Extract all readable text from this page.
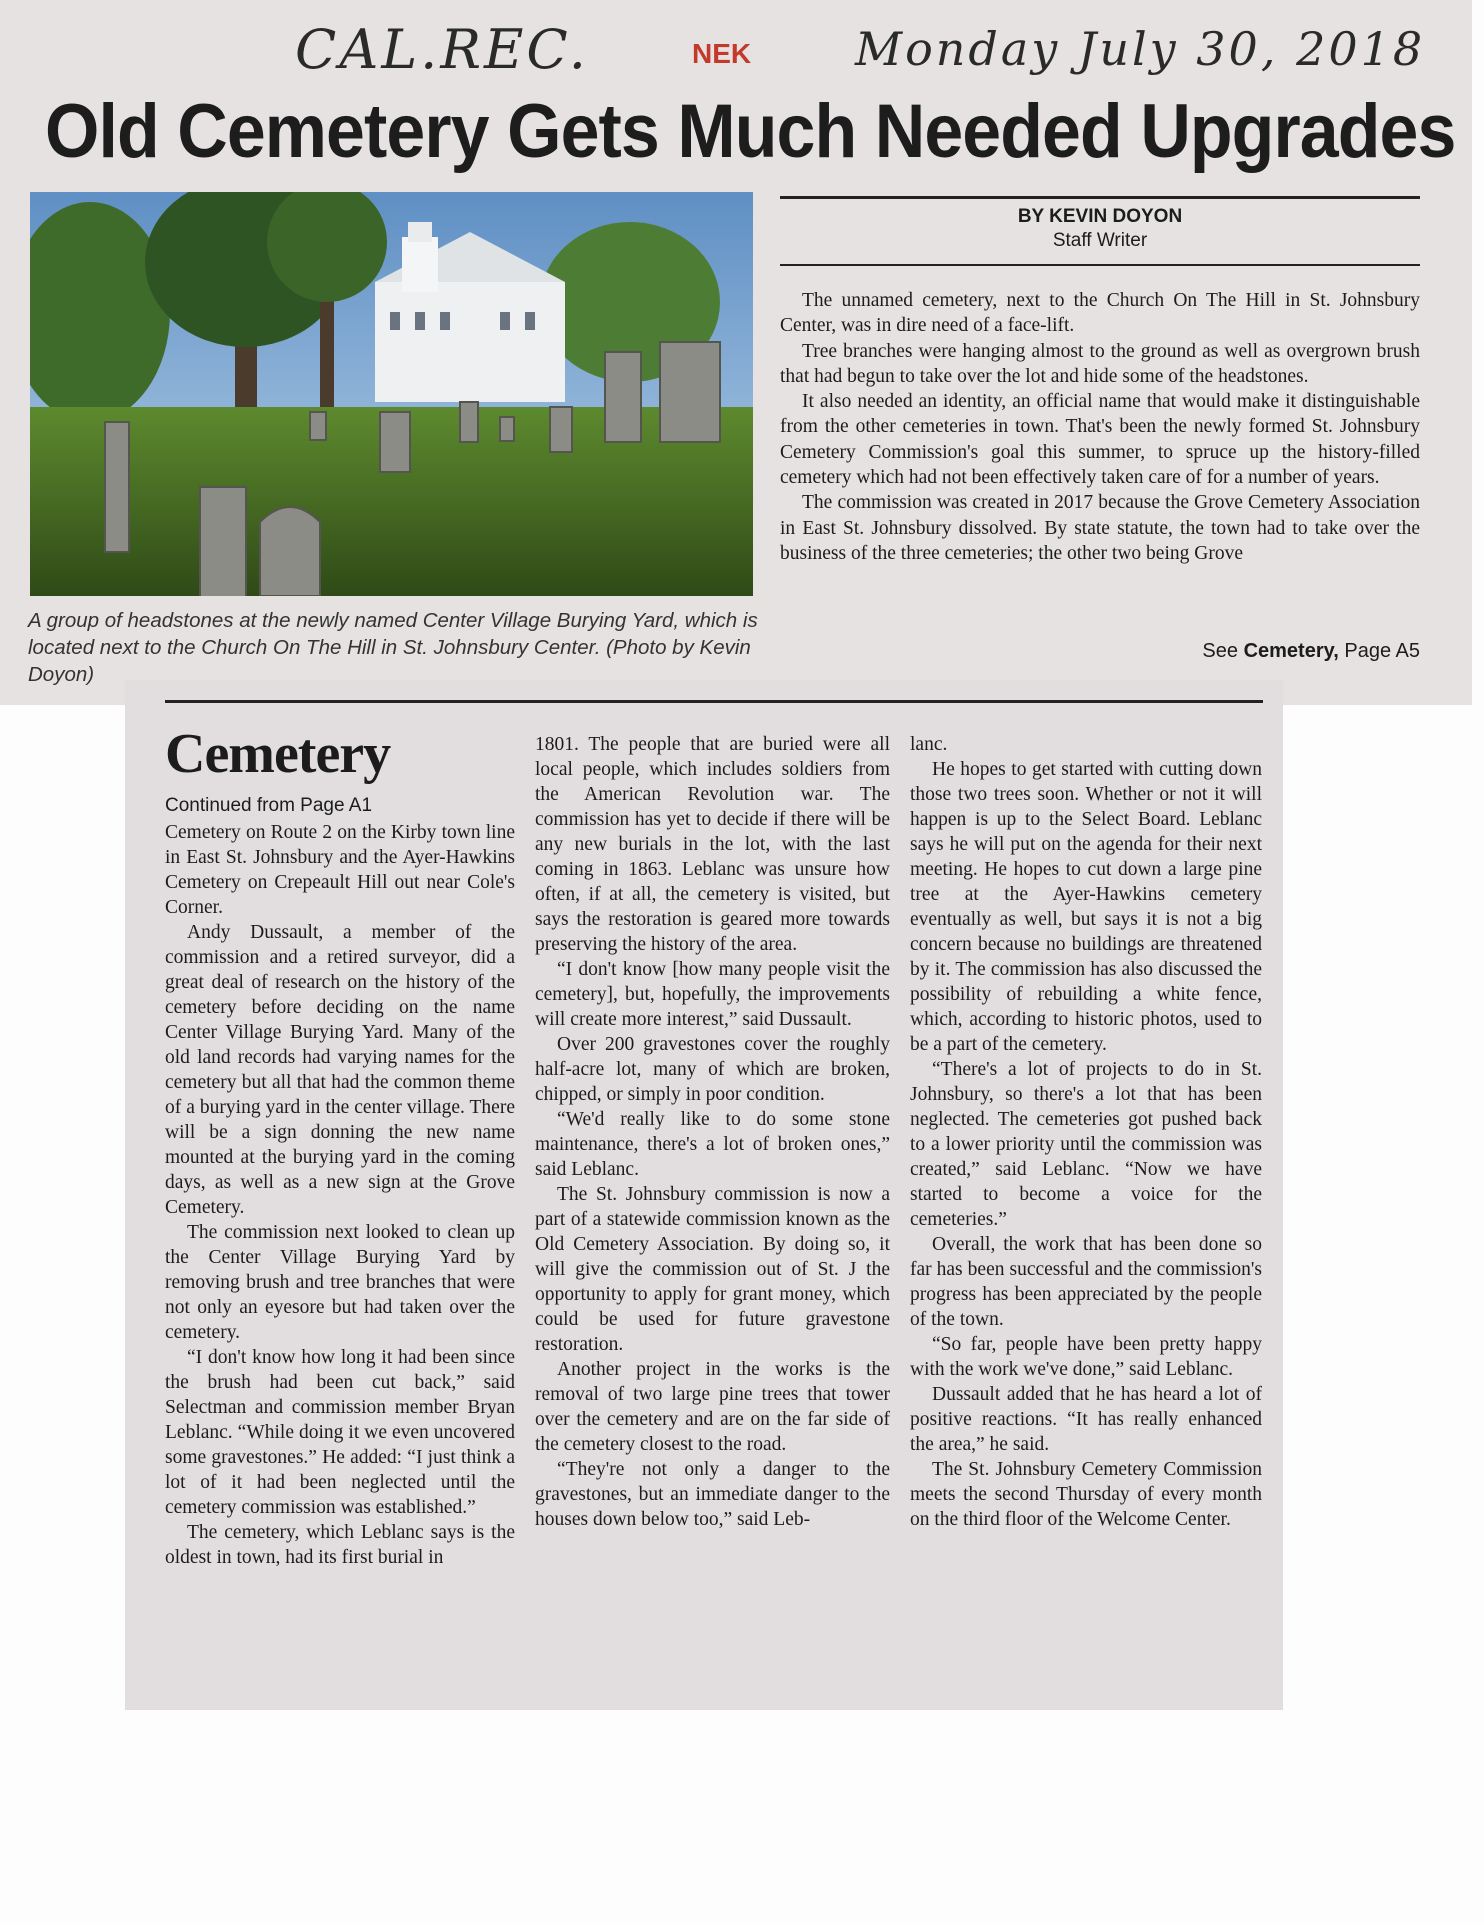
CAL.REC.	NEK Monday July 30, 2018
Old Cemetery Gets Much Needed Upgrades
A group of headstones at the newly named Center Village Burying Yard, which is located next to the Church On The Hill in St. Johnsbury Center. (Photo by Kevin Doyon)
BY KEVIN DOYON
Staff Writer

The unnamed cemetery, next to the Church On The Hill in St. Johnsbury Center, was in dire need of a face-lift.

Tree branches were hanging almost to the ground as well as overgrown brush that had begun to take over the lot and hide some of the headstones.

It also needed an identity, an official name that would make it distinguishable from the other cemeteries in town. That's been the newly formed St. Johnsbury Cemetery Commission's goal this summer, to spruce up the history-filled cemetery which had not been effectively taken care of for a number of years.

The commission was created in 2017 because the Grove Cemetery Association in East St. Johnsbury dissolved. By state statute, the town had to take over the business of the three cemeteries; the other two being Grove

See Cemetery, Page A5
Cemetery
Continued from Page A1

Cemetery on Route 2 on the Kirby town line in East St. Johnsbury and the Ayer-Hawkins Cemetery on Crepeault Hill out near Cole's Corner.

Andy Dussault, a member of the commission and a retired surveyor, did a great deal of research on the history of the cemetery before deciding on the name Center Village Burying Yard. Many of the old land records had varying names for the cemetery but all that had the common theme of a burying yard in the center village. There will be a sign donning the new name mounted at the burying yard in the coming days, as well as a new sign at the Grove Cemetery.

The commission next looked to clean up the Center Village Burying Yard by removing brush and tree branches that were not only an eyesore but had taken over the cemetery.

“I don't know how long it had been since the brush had been cut back,” said Selectman and commission member Bryan Leblanc. “While doing it we even uncovered some gravestones.” He added: “I just think a lot of it had been neglected until the cemetery commission was established.”

The cemetery, which Leblanc says is the oldest in town, had its first burial in

1801. The people that are buried were all local people, which includes soldiers from the American Revolution war. The commission has yet to decide if there will be any new burials in the lot, with the last coming in 1863. Leblanc was unsure how often, if at all, the cemetery is visited, but says the restoration is geared more towards preserving the history of the area.

“I don't know [how many people visit the cemetery], but, hopefully, the improvements will create more interest,” said Dussault.

Over 200 gravestones cover the roughly half-acre lot, many of which are broken, chipped, or simply in poor condition.

“We'd really like to do some stone maintenance, there's a lot of broken ones,” said Leblanc.

The St. Johnsbury commission is now a part of a statewide commission known as the Old Cemetery Association. By doing so, it will give the commission out of St. J the opportunity to apply for grant money, which could be used for future gravestone restoration.

Another project in the works is the removal of two large pine trees that tower over the cemetery and are on the far side of the cemetery closest to the road.

“They're not only a danger to the gravestones, but an immediate danger to the houses down below too,” said Leb-

lanc.

He hopes to get started with cutting down those two trees soon. Whether or not it will happen is up to the Select Board. Leblanc says he will put on the agenda for their next meeting. He hopes to cut down a large pine tree at the Ayer-Hawkins cemetery eventually as well, but says it is not a big concern because no buildings are threatened by it. The commission has also discussed the possibility of rebuilding a white fence, which, according to historic photos, used to be a part of the cemetery.

“There's a lot of projects to do in St. Johnsbury, so there's a lot that has been neglected. The cemeteries got pushed back to a lower priority until the commission was created,” said Leblanc. “Now we have started to become a voice for the cemeteries.”

Overall, the work that has been done so far has been successful and the commission's progress has been appreciated by the people of the town.

“So far, people have been pretty happy with the work we've done,” said Leblanc.

Dussault added that he has heard a lot of positive reactions. “It has really enhanced the area,” he said.

The St. Johnsbury Cemetery Commission meets the second Thursday of every month on the third floor of the Welcome Center.
